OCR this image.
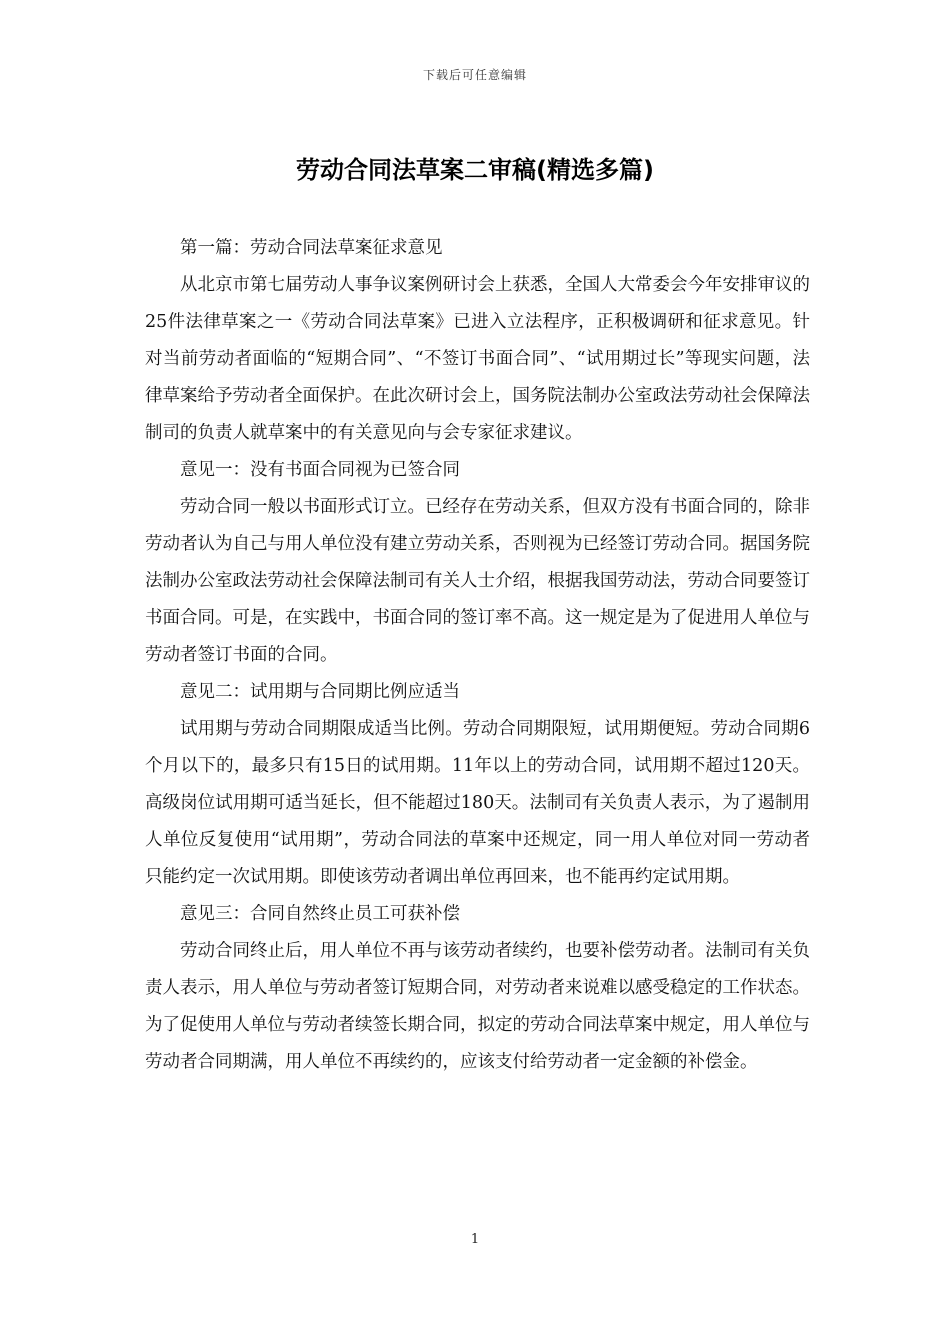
下载后可任意编辑
劳动合同法草案二审稿(精选多篇)

第一篇：劳动合同法草案征求意见

从北京市第七届劳动人事争议案例研讨会上获悉，全国人大常委会今年安排审议的25件法律草案之一《劳动合同法草案》已进入立法程序，正积极调研和征求意见。针对当前劳动者面临的“短期合同”、“不签订书面合同”、“试用期过长”等现实问题，法律草案给予劳动者全面保护。在此次研讨会上，国务院法制办公室政法劳动社会保障法制司的负责人就草案中的有关意见向与会专家征求建议。

意见一：没有书面合同视为已签合同

劳动合同一般以书面形式订立。已经存在劳动关系，但双方没有书面合同的，除非劳动者认为自己与用人单位没有建立劳动关系，否则视为已经签订劳动合同。据国务院法制办公室政法劳动社会保障法制司有关人士介绍，根据我国劳动法，劳动合同要签订书面合同。可是，在实践中，书面合同的签订率不高。这一规定是为了促进用人单位与劳动者签订书面的合同。

意见二：试用期与合同期比例应适当

试用期与劳动合同期限成适当比例。劳动合同期限短，试用期便短。劳动合同期6个月以下的，最多只有15日的试用期。11年以上的劳动合同，试用期不超过120天。高级岗位试用期可适当延长，但不能超过180天。法制司有关负责人表示，为了遏制用人单位反复使用“试用期”，劳动合同法的草案中还规定，同一用人单位对同一劳动者只能约定一次试用期。即使该劳动者调出单位再回来，也不能再约定试用期。

意见三：合同自然终止员工可获补偿

劳动合同终止后，用人单位不再与该劳动者续约，也要补偿劳动者。法制司有关负责人表示，用人单位与劳动者签订短期合同，对劳动者来说难以感受稳定的工作状态。为了促使用人单位与劳动者续签长期合同，拟定的劳动合同法草案中规定，用人单位与劳动者合同期满，用人单位不再续约的，应该支付给劳动者一定金额的补偿金。

1
